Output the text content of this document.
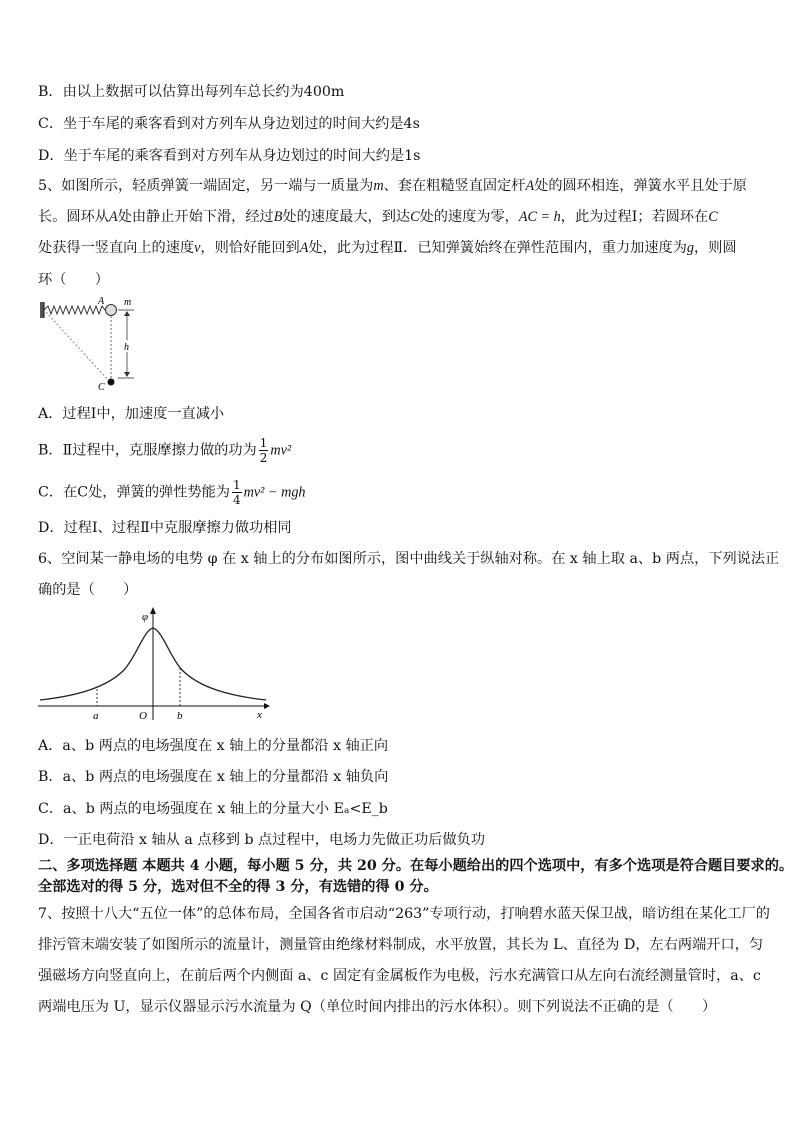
B．由以上数据可以估算出每列车总长约为400m
C．坐于车尾的乘客看到对方列车从身边划过的时间大约是4s
D．坐于车尾的乘客看到对方列车从身边划过的时间大约是1s
5、如图所示，轻质弹簧一端固定，另一端与一质量为m、套在粗糙竖直固定杆A处的圆环相连，弹簧水平且处于原
长。圆环从A处由静止开始下滑，经过B处的速度最大，到达C处的速度为零，AC = h，此为过程Ⅰ；若圆环在C
处获得一竖直向上的速度v，则恰好能回到A处，此为过程Ⅱ．已知弹簧始终在弹性范围内，重力加速度为g，则圆
环（　　）
A m
h
C
A．过程Ⅰ中，加速度一直减小
B．Ⅱ过程中，克服摩擦力做的功为 $\frac{1}{2} mv^2$
C．在C处，弹簧的弹性势能为 $\frac{1}{4} mv^2$ − mgh
D．过程Ⅰ、过程Ⅱ中克服摩擦力做功相同
6、空间某一静电场的电势 φ 在 x 轴上的分布如图所示，图中曲线关于纵轴对称。在 x 轴上取 a、b 两点，下列说法正
确的是（　　）
φ
O
a	b	x
A．a、b 两点的电场强度在 x 轴上的分量都沿 x 轴正向
B．a、b 两点的电场强度在 x 轴上的分量都沿 x 轴负向
C．a、b 两点的电场强度在 x 轴上的分量大小 Eₐ<E_b
D．一正电荷沿 x 轴从 a 点移到 b 点过程中，电场力先做正功后做负功
二、多项选择题 本题共 4 小题，每小题 5 分，共 20 分。在每小题给出的四个选项中，有多个选项是符合题目要求的。
全部选对的得 5 分，选对但不全的得 3 分，有选错的得 0 分。
7、按照十八大“五位一体”的总体布局，全国各省市启动“263”专项行动，打响碧水蓝天保卫战，暗访组在某化工厂的
排污管末端安装了如图所示的流量计，测量管由绝缘材料制成，水平放置，其长为 L、直径为 D，左右两端开口，匀
强磁场方向竖直向上，在前后两个内侧面 a、c 固定有金属板作为电极，污水充满管口从左向右流经测量管时，a、c
两端电压为 U，显示仪器显示污水流量为 Q（单位时间内排出的污水体积）。则下列说法不正确的是（　　）
